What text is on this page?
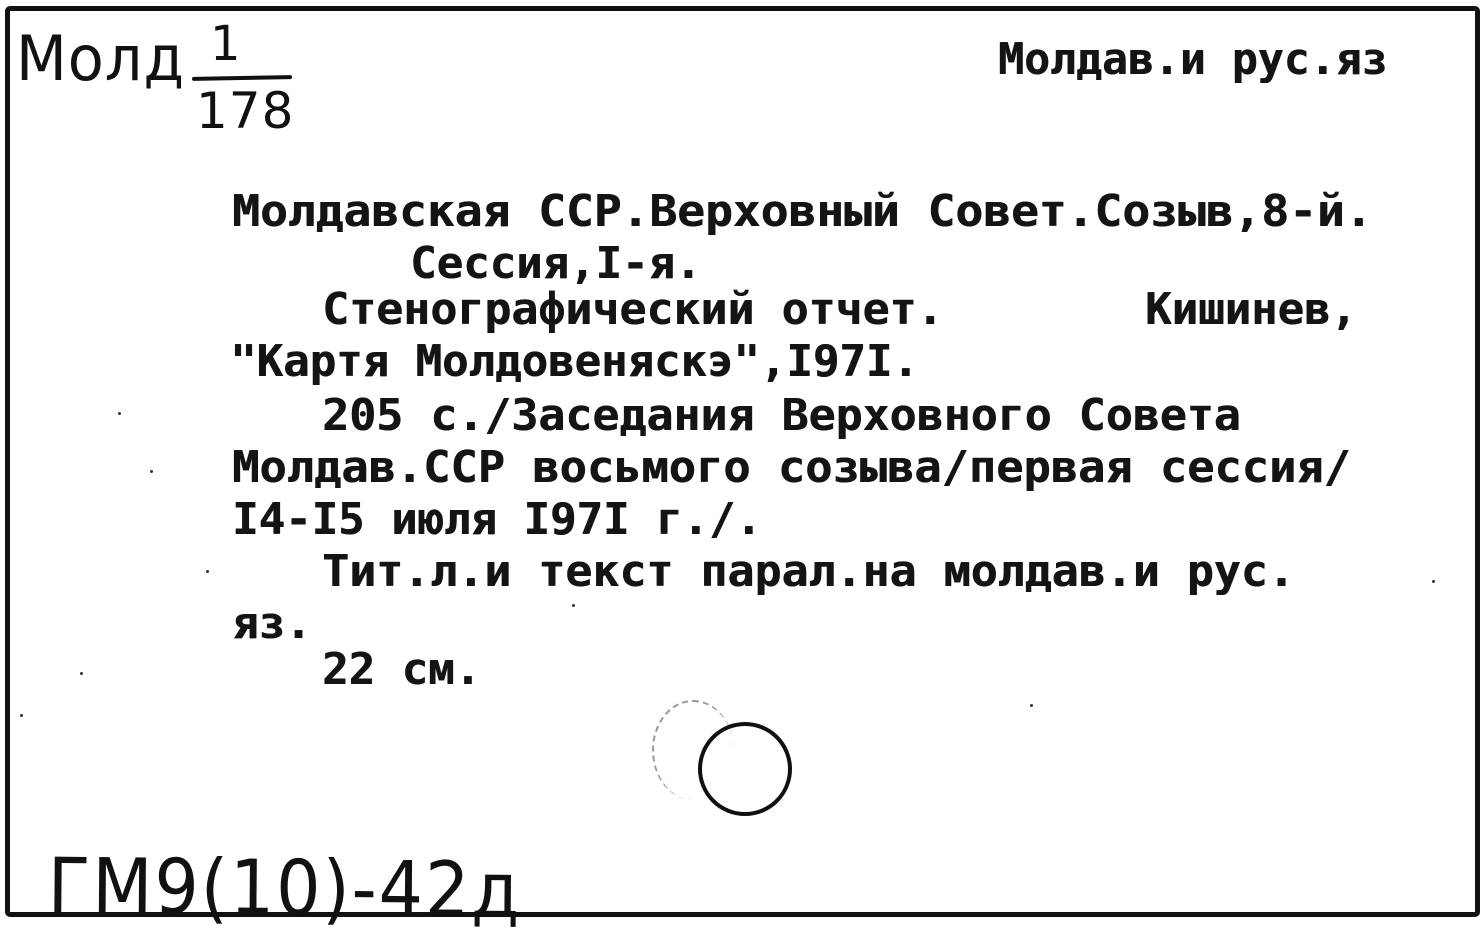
Молд 1
178
Молдав.и рус.яз
Молдавская ССР.Верховный Совет.Созыв,8-й.
Сессия,I-я.
Стенографический отчет.	Кишинев,
"Картя Молдовеняскэ",I97I.
205 с./Заседания Верховного Совета
Молдав.ССР восьмого созыва/первая сессия/
I4-I5 июля I97I г./.
Тит.л.и текст парал.на молдав.и рус.
яз.
22 см.
ГМ9(10)-42д
